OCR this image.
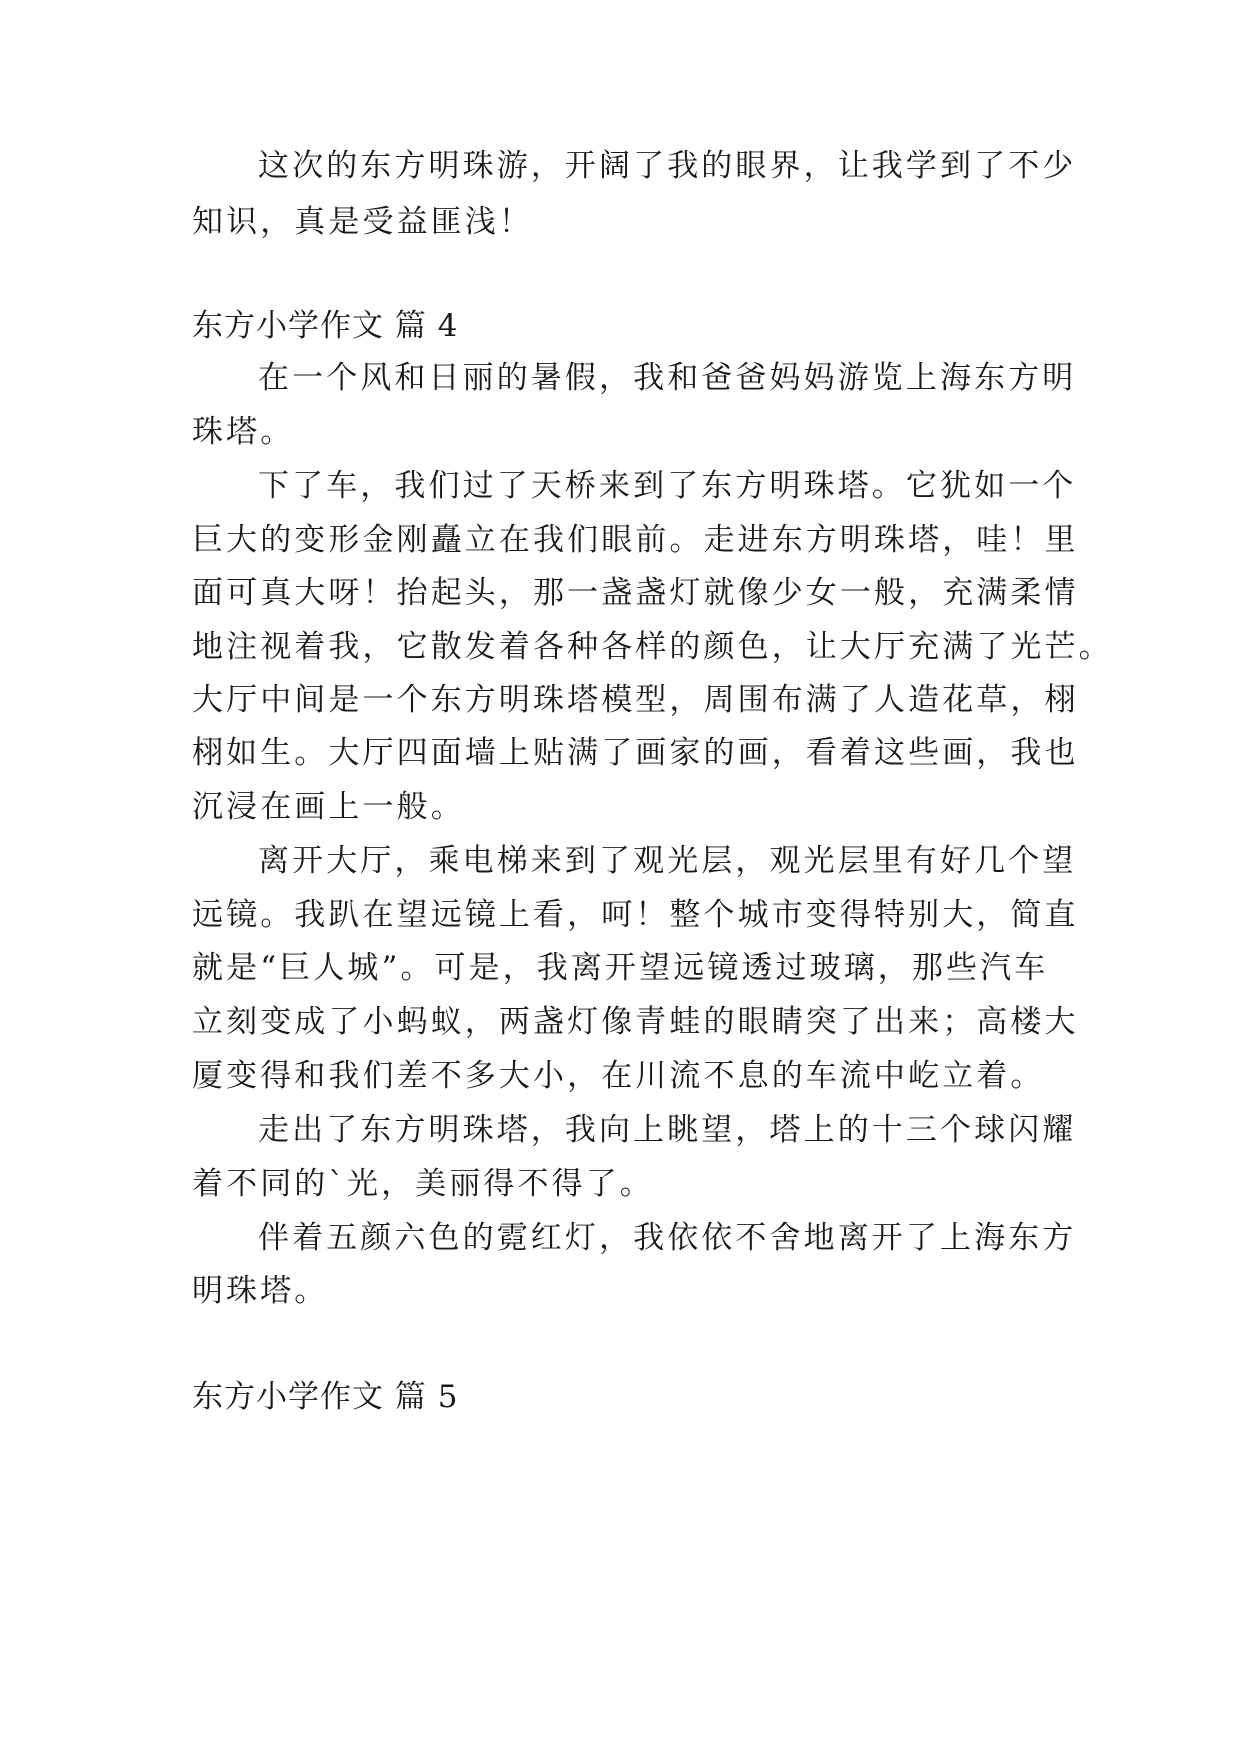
这次的东方明珠游，开阔了我的眼界，让我学到了不少
知识，真是受益匪浅！
东方小学作文 篇 4
在一个风和日丽的暑假，我和爸爸妈妈游览上海东方明
珠塔。
下了车，我们过了天桥来到了东方明珠塔。它犹如一个
巨大的变形金刚矗立在我们眼前。走进东方明珠塔，哇！里
面可真大呀！抬起头，那一盏盏灯就像少女一般，充满柔情
地注视着我，它散发着各种各样的颜色，让大厅充满了光芒。
大厅中间是一个东方明珠塔模型，周围布满了人造花草，栩
栩如生。大厅四面墙上贴满了画家的画，看着这些画，我也
沉浸在画上一般。
离开大厅，乘电梯来到了观光层，观光层里有好几个望
远镜。我趴在望远镜上看，呵！整个城市变得特别大，简直
就是“巨人城”。可是，我离开望远镜透过玻璃，那些汽车
立刻变成了小蚂蚁，两盏灯像青蛙的眼睛突了出来；高楼大
厦变得和我们差不多大小，在川流不息的车流中屹立着。
走出了东方明珠塔，我向上眺望，塔上的十三个球闪耀
着不同的`光，美丽得不得了。
伴着五颜六色的霓红灯，我依依不舍地离开了上海东方
明珠塔。
东方小学作文 篇 5
